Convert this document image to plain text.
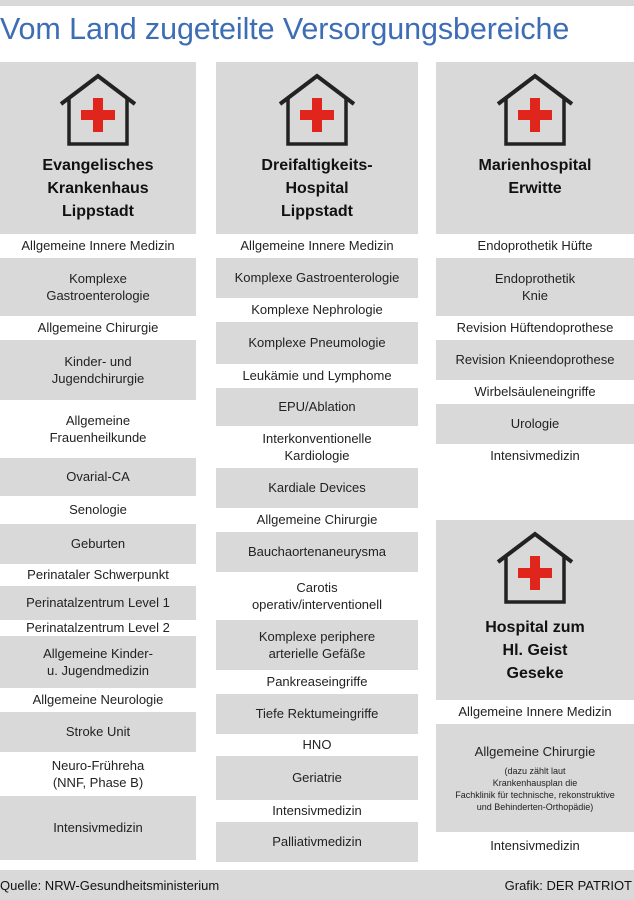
Vom Land zugeteilte Versorgungsbereiche
Evangelisches
Krankenhaus
Lippstadt
Allgemeine Innere Medizin
Komplexe
Gastroenterologie
Allgemeine Chirurgie
Kinder- und
Jugendchirurgie
Allgemeine
Frauenheilkunde
Ovarial-CA
Senologie
Geburten
Perinataler Schwerpunkt
Perinatalzentrum Level 1
Perinatalzentrum Level 2
Allgemeine Kinder-
u. Jugendmedizin
Allgemeine Neurologie
Stroke Unit
Neuro-Frühreha
(NNF, Phase B)
Intensivmedizin
Dreifaltigkeits-
Hospital
Lippstadt
Allgemeine Innere Medizin
Komplexe Gastroenterologie
Komplexe Nephrologie
Komplexe Pneumologie
Leukämie und Lymphome
EPU/Ablation
Interkonventionelle
Kardiologie
Kardiale Devices
Allgemeine Chirurgie
Bauchaortenaneurysma
Carotis
operativ/interventionell
Komplexe periphere
arterielle Gefäße
Pankreaseingriffe
Tiefe Rektumeingriffe
HNO
Geriatrie
Intensivmedizin
Palliativmedizin
Marienhospital
Erwitte
Endoprothetik Hüfte
Endoprothetik
Knie
Revision Hüftendoprothese
Revision Knieendoprothese
Wirbelsäuleneingriffe
Urologie
Intensivmedizin
Hospital zum
Hl. Geist
Geseke
Allgemeine Innere Medizin
Allgemeine Chirurgie
(dazu zählt laut
Krankenhausplan die
Fachklinik für technische, rekonstruktive
und Behinderten-Orthopädie)
Intensivmedizin
Quelle: NRW-Gesundheitsministerium	Grafik: DER PATRIOT
